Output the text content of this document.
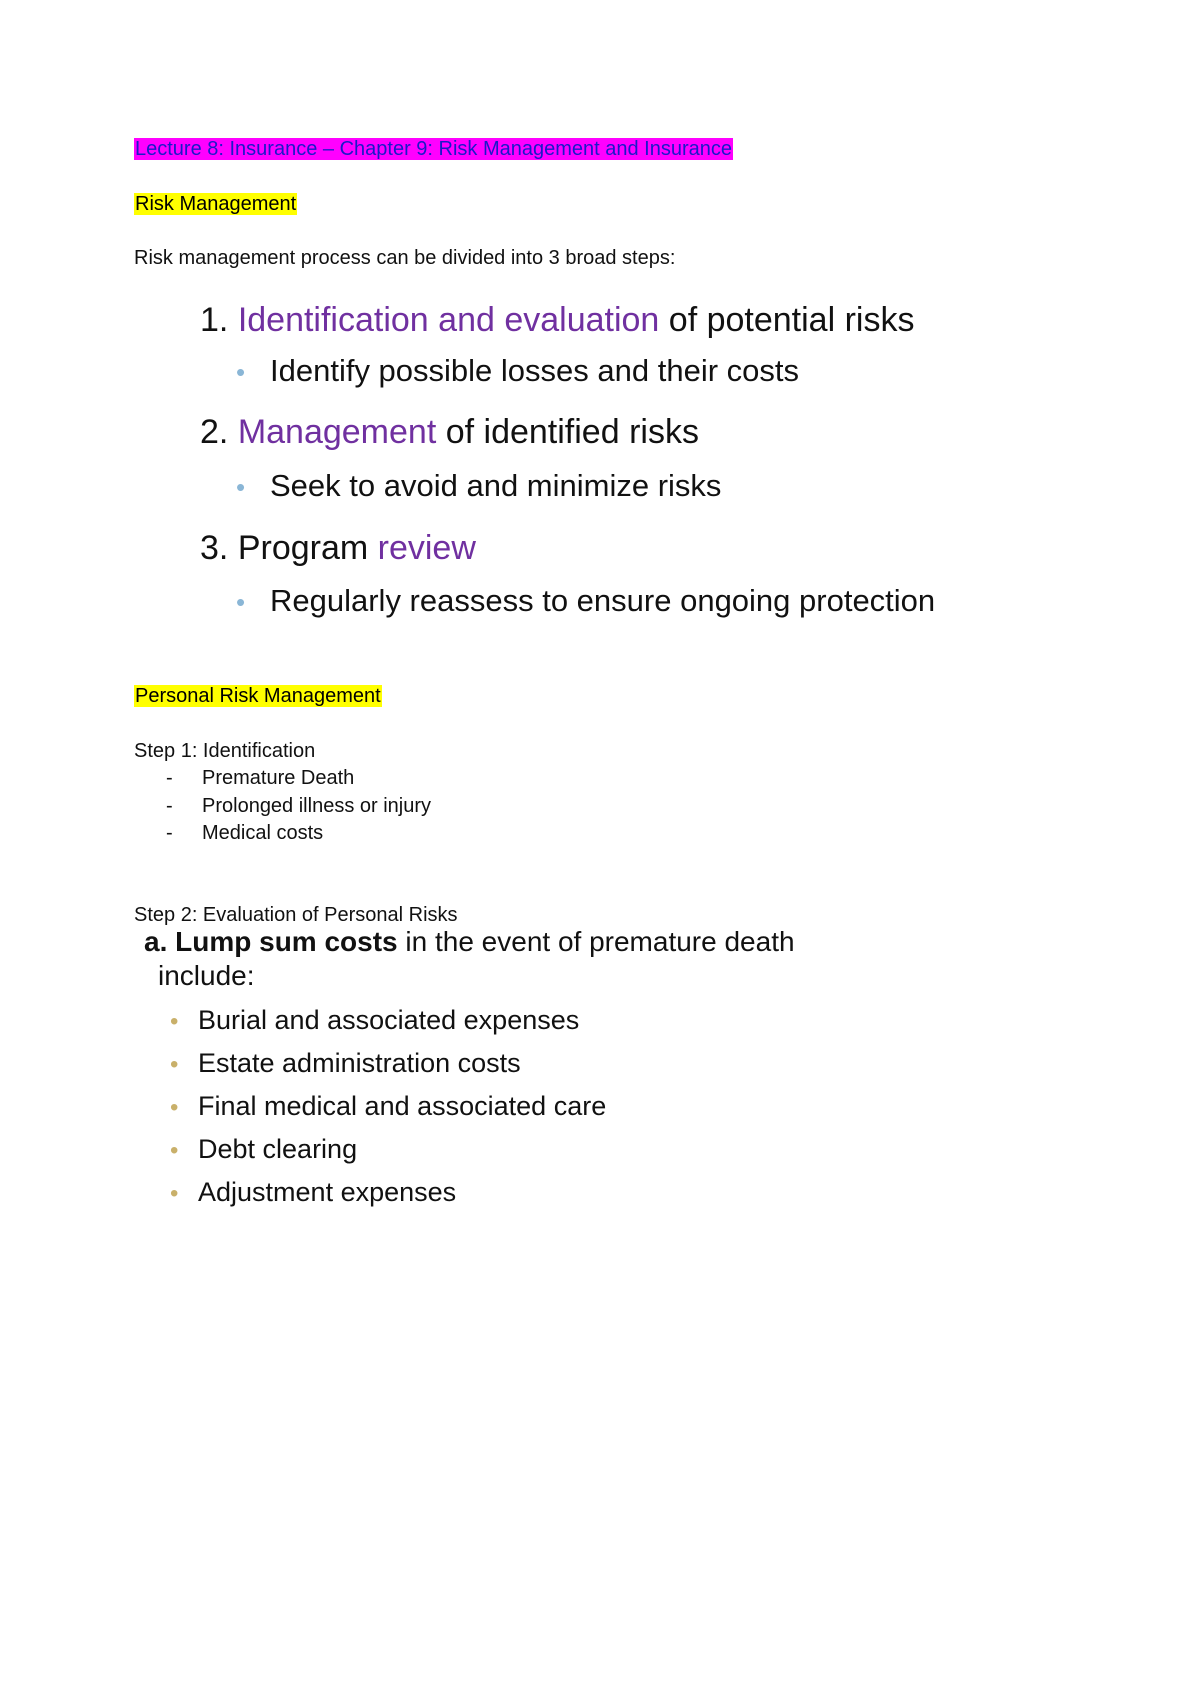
Lecture 8: Insurance – Chapter 9: Risk Management and Insurance
Risk Management
Risk management process can be divided into 3 broad steps:
1. Identification and evaluation of potential risks
• Identify possible losses and their costs
2. Management of identified risks
• Seek to avoid and minimize risks
3. Program review
• Regularly reassess to ensure ongoing protection
Personal Risk Management
Step 1: Identification
- Premature Death
- Prolonged illness or injury
- Medical costs
Step 2: Evaluation of Personal Risks
a. Lump sum costs in the event of premature death
include:
• Burial and associated expenses
• Estate administration costs
• Final medical and associated care
• Debt clearing
• Adjustment expenses
